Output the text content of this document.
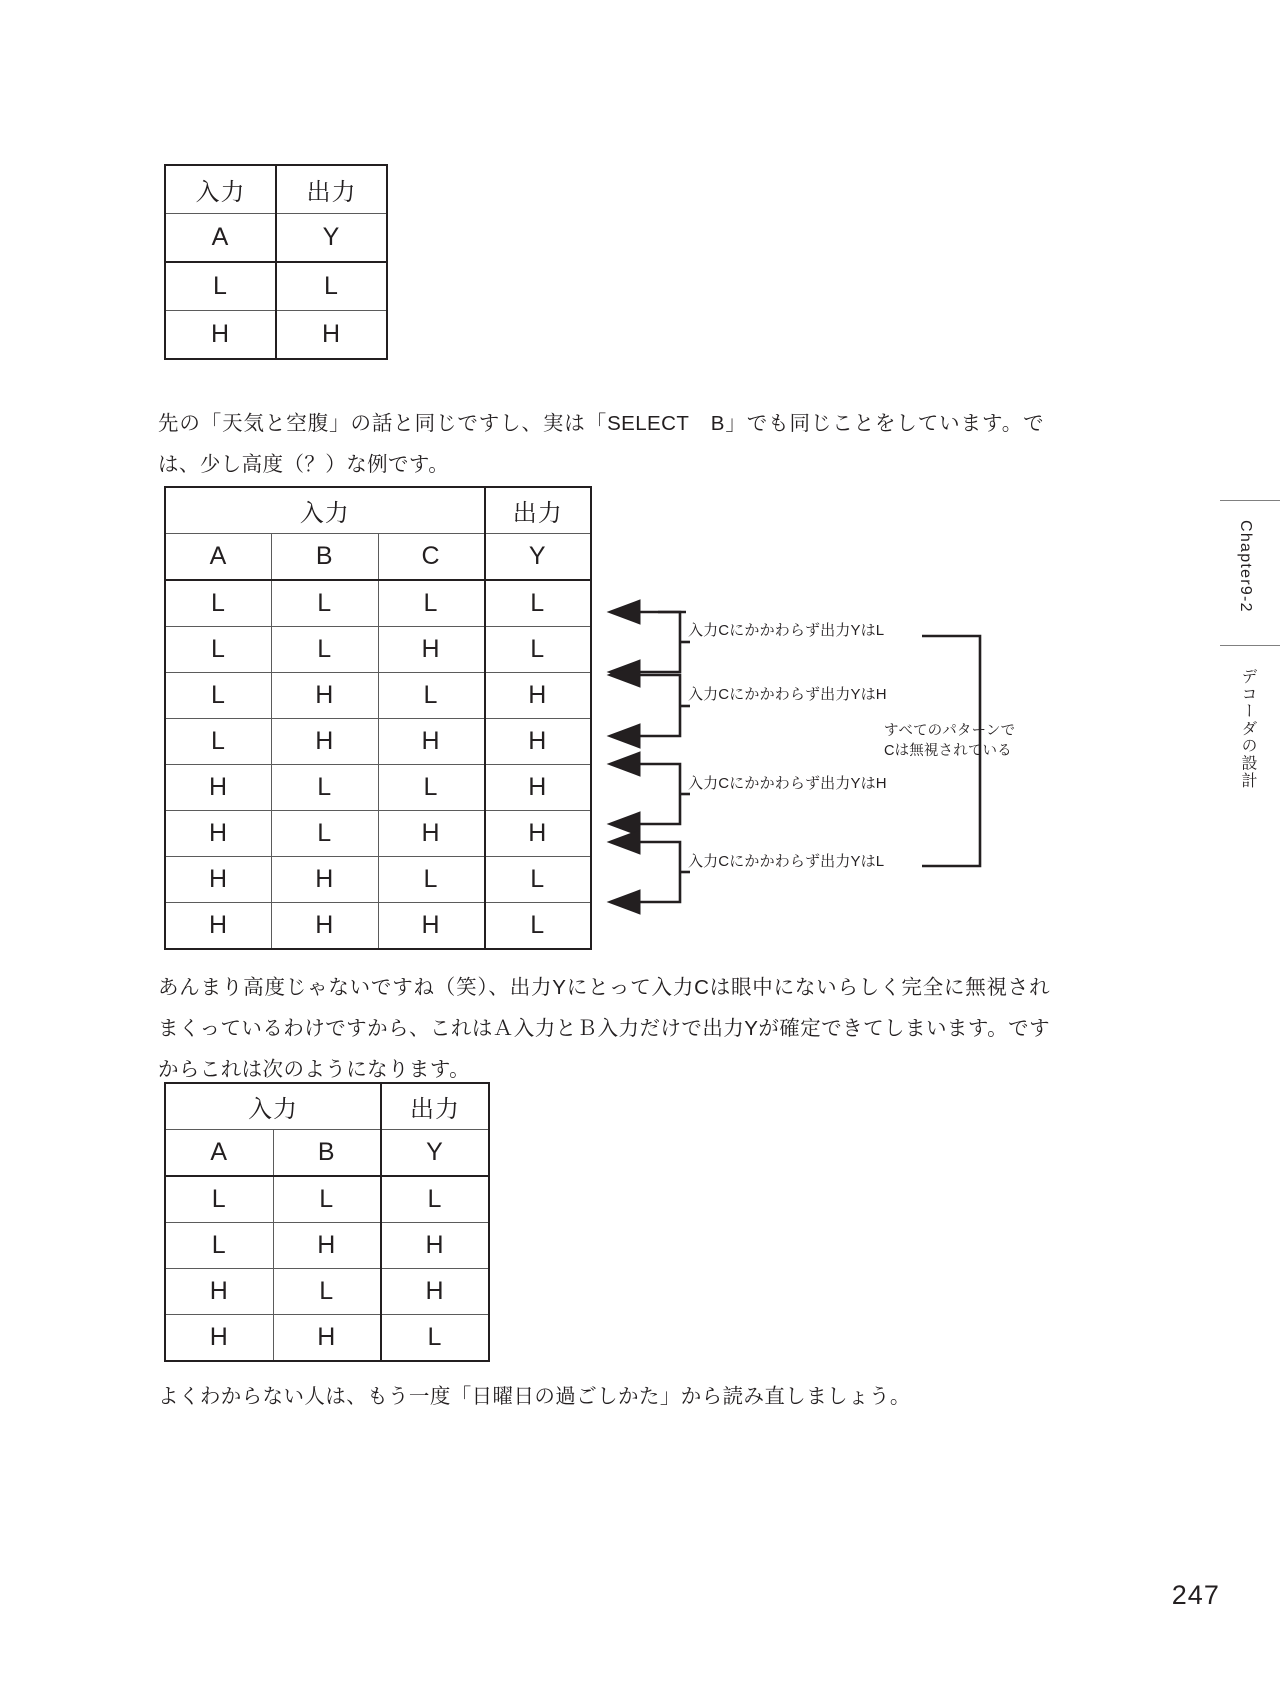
入力	出力
A	Y
L	L
H	H

先の「天気と空腹」の話と同じですし、実は「SELECT　B」でも同じことをしています。では、少し高度（？）な例です。

入力			出力
A	B	C	Y
L	L	L	L
L	L	H	L
L	H	L	H
L	H	H	H
H	L	L	H
H	L	H	H
H	H	L	L
H	H	H	L
入力Cにかかわらず出力YはL
入力Cにかかわらず出力YはH
入力Cにかかわらず出力YはH
入力Cにかかわらず出力YはL
すべてのパターンで
Cは無視されている

あんまり高度じゃないですね（笑）、出力Yにとって入力Cは眼中にないらしく完全に無視されまくっているわけですから、これはＡ入力とＢ入力だけで出力Yが確定できてしまいます。ですからこれは次のようになります。

入力		出力
A	B	Y
L	L	L
L	H	H
H	L	H
H	H	L

よくわからない人は、もう一度「日曜日の過ごしかた」から読み直しましょう。

Chapter9-2
デコーダの設計
247
